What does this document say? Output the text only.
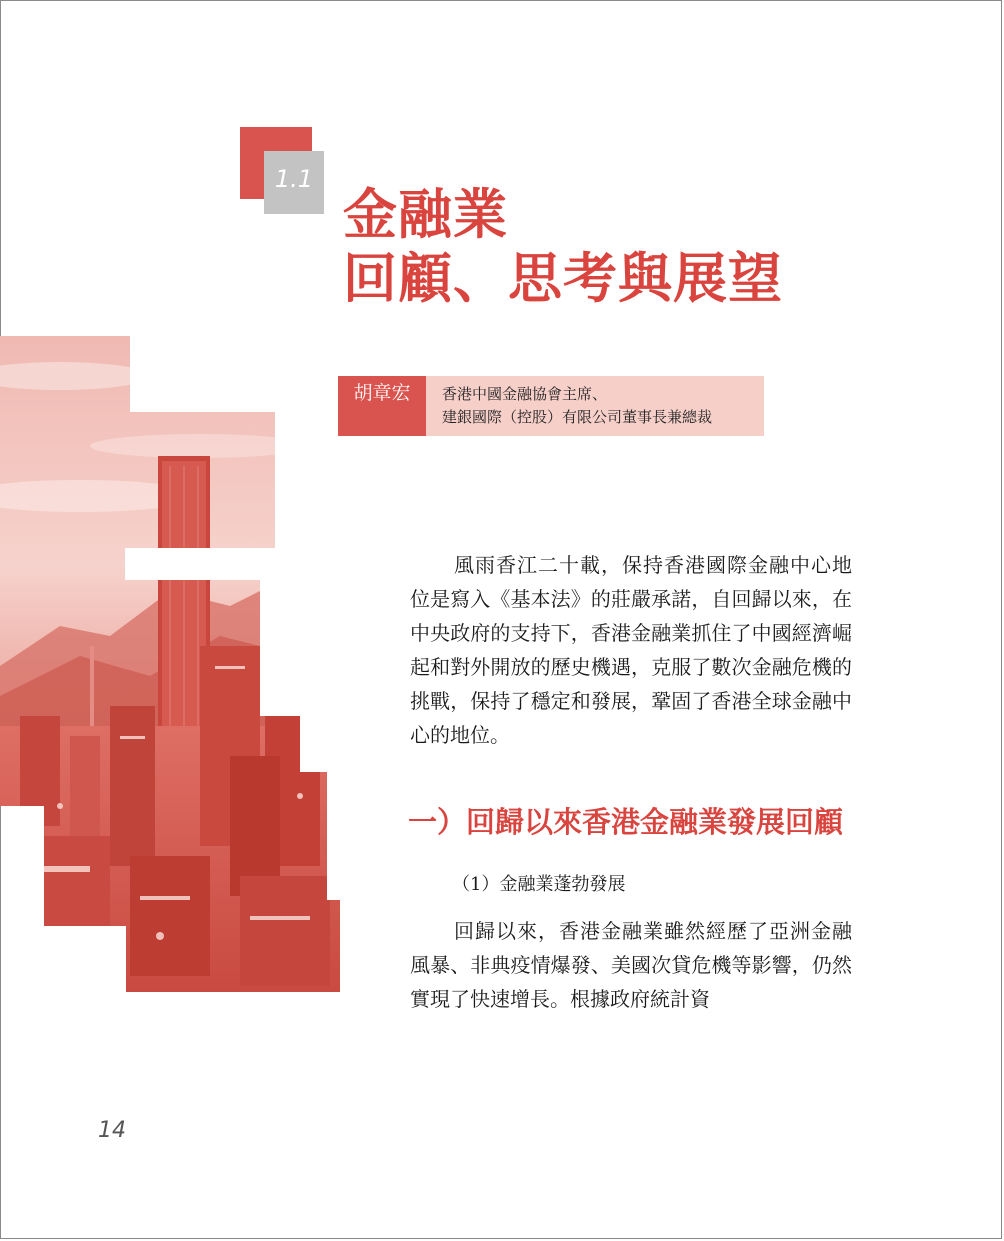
1.1
金融業
回顧、思考與展望
胡章宏	香港中國金融協會主席、
建銀國際（控股）有限公司董事長兼總裁

風雨香江二十載，保持香港國際金融中心地位是寫入《基本法》的莊嚴承諾，自回歸以來，在中央政府的支持下，香港金融業抓住了中國經濟崛起和對外開放的歷史機遇，克服了數次金融危機的挑戰，保持了穩定和發展，鞏固了香港全球金融中心的地位。

一）回歸以來香港金融業發展回顧
（1）金融業蓬勃發展

回歸以來，香港金融業雖然經歷了亞洲金融風暴、非典疫情爆發、美國次貸危機等影響，仍然實現了快速增長。根據政府統計資

14
